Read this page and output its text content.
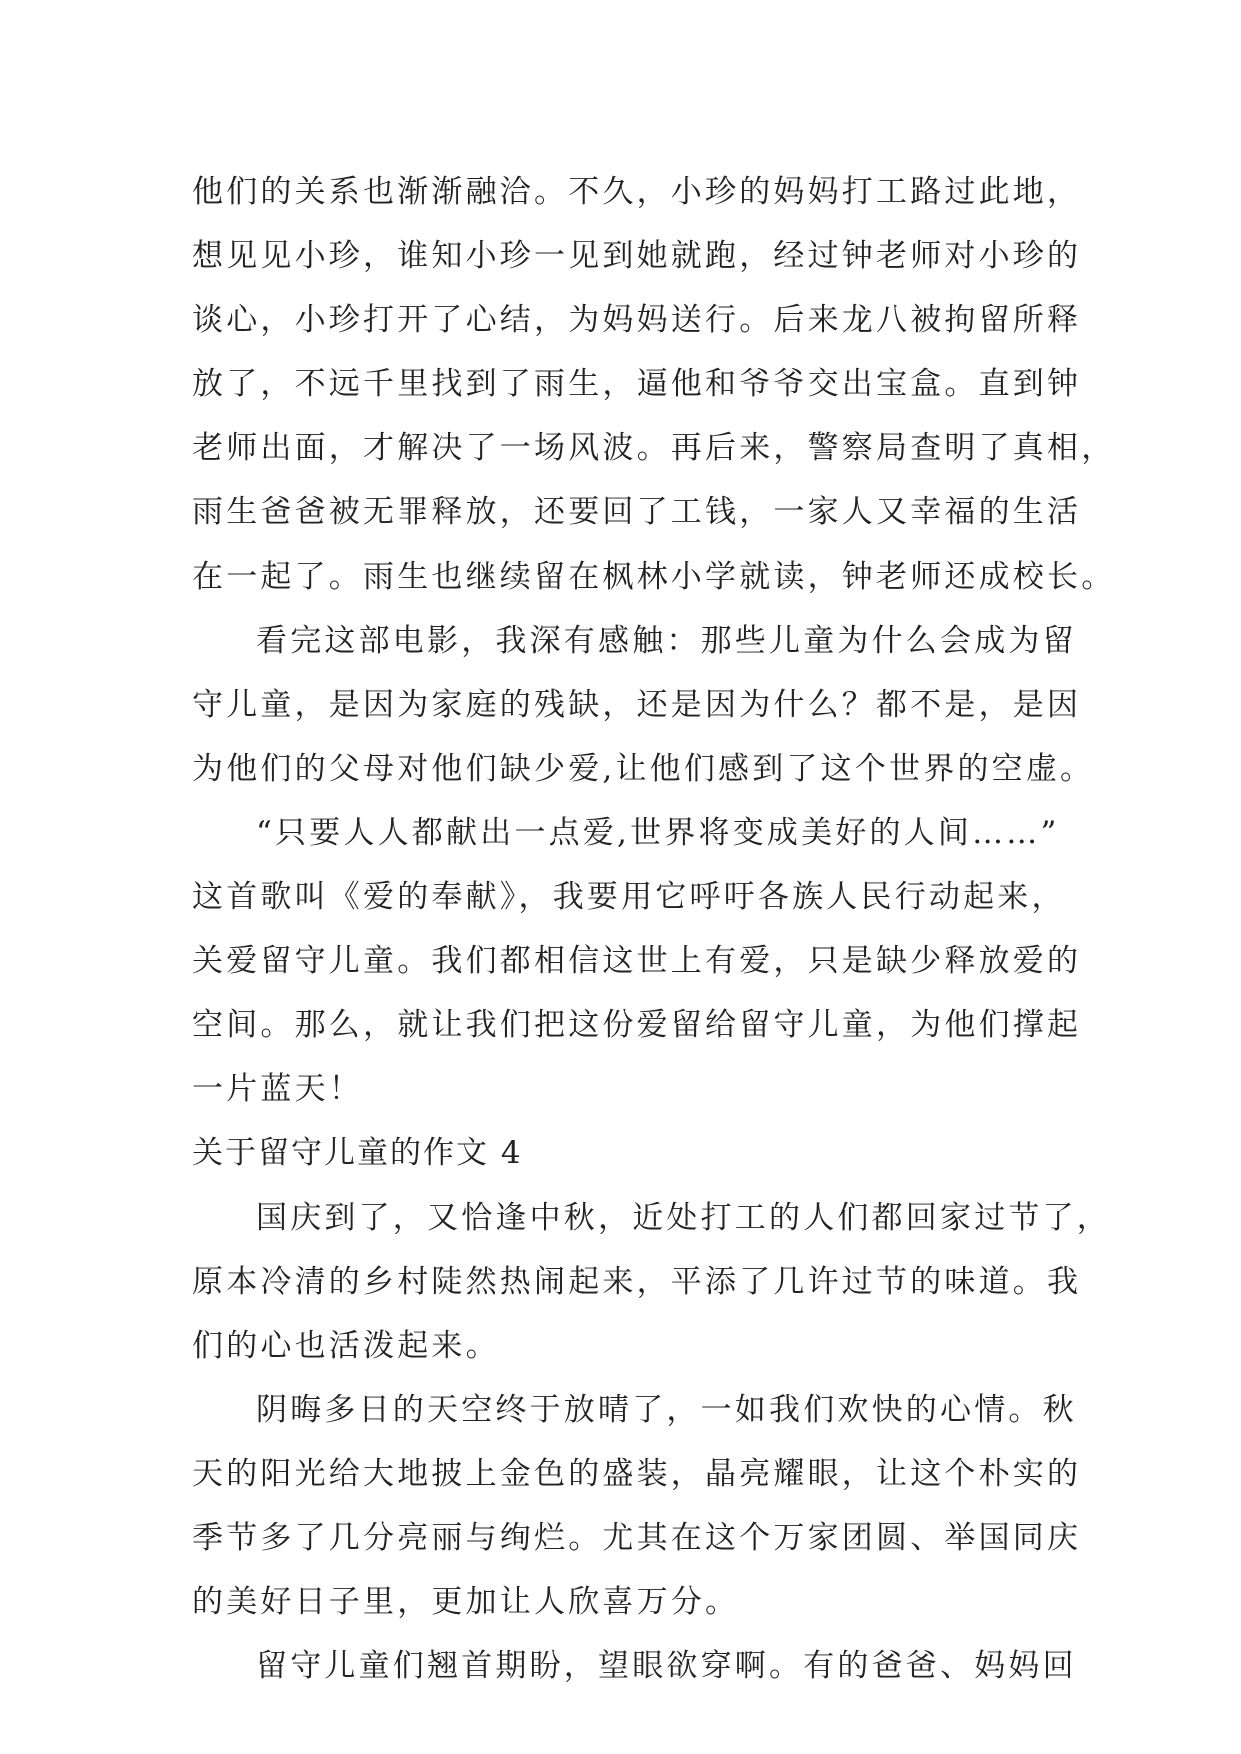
他们的关系也渐渐融洽。不久，小珍的妈妈打工路过此地，
想见见小珍，谁知小珍一见到她就跑，经过钟老师对小珍的
谈心，小珍打开了心结，为妈妈送行。后来龙八被拘留所释
放了，不远千里找到了雨生，逼他和爷爷交出宝盒。直到钟
老师出面，才解决了一场风波。再后来，警察局查明了真相，
雨生爸爸被无罪释放，还要回了工钱，一家人又幸福的生活
在一起了。雨生也继续留在枫林小学就读，钟老师还成校长。
看完这部电影，我深有感触：那些儿童为什么会成为留
守儿童，是因为家庭的残缺，还是因为什么？都不是，是因
为他们的父母对他们缺少爱,让他们感到了这个世界的空虚。
“只要人人都献出一点爱,世界将变成美好的人间……”
这首歌叫《爱的奉献》，我要用它呼吁各族人民行动起来，
关爱留守儿童。我们都相信这世上有爱，只是缺少释放爱的
空间。那么，就让我们把这份爱留给留守儿童，为他们撑起
一片蓝天！
关于留守儿童的作文 4
国庆到了，又恰逢中秋，近处打工的人们都回家过节了，
原本冷清的乡村陡然热闹起来，平添了几许过节的味道。我
们的心也活泼起来。
阴晦多日的天空终于放晴了，一如我们欢快的心情。秋
天的阳光给大地披上金色的盛装，晶亮耀眼，让这个朴实的
季节多了几分亮丽与绚烂。尤其在这个万家团圆、举国同庆
的美好日子里，更加让人欣喜万分。
留守儿童们翘首期盼，望眼欲穿啊。有的爸爸、妈妈回
